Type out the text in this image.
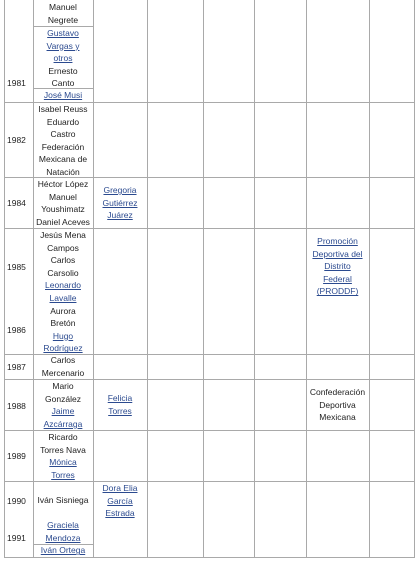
1981
Manuel
Negrete
Gustavo
Vargas y
otros
Ernesto
Canto
José Musi
1982
Isabel Reuss
Eduardo
Castro
Federación
Mexicana de
Natación
1984
Héctor López
Manuel
Youshimatz
Daniel Aceves
Gregoria
Gutiérrez
Juárez
1985
1986
Jesús Mena
Campos
Carlos
Carsolio
Leonardo
Lavalle
Aurora
Bretón
Hugo
Rodríguez
Promoción
Deportiva del
Distrito
Federal
(PRODDF)
1987
Carlos
Mercenario
1988
Mario
González
Jaime
Azcárraga
Felicia
Torres
Confederación
Deportiva
Mexicana
1989
Ricardo
Torres Nava
Mónica
Torres
1990
1991
Iván Sisniega
Graciela
Mendoza
Iván Ortega
Dora Elia
García
Estrada
